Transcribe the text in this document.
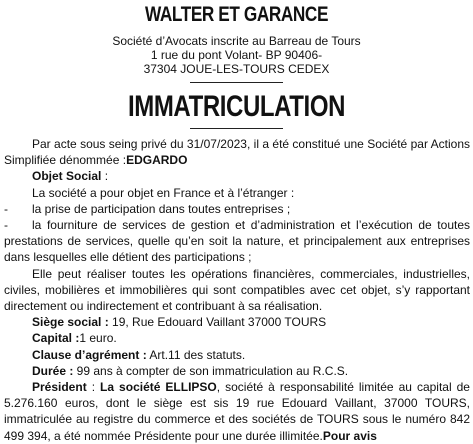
WALTER ET GARANCE
Société d’Avocats inscrite au Barreau de Tours
1 rue du pont Volant- BP 90406-
37304 JOUE-LES-TOURS CEDEX
IMMATRICULATION

Par acte sous seing privé du 31/07/2023, il a été constitué une Société par Actions Simplifiée dénommée :EDGARDO

Objet Social :

La société a pour objet en France et à l’étranger :

- la prise de participation dans toutes entreprises ;

- la fourniture de services de gestion et d’administration et l’exécution de toutes prestations de services, quelle qu’en soit la nature, et principalement aux entreprises dans lesquelles elle détient des participations ;

Elle peut réaliser toutes les opérations financières, commerciales, industrielles, civiles, mobilières et immobilières qui sont compatibles avec cet objet, s’y rapportant directement ou indirectement et contribuant à sa réalisation.

Siège social : 19, Rue Edouard Vaillant 37000 TOURS

Capital :1 euro.

Clause d’agrément : Art.11 des statuts.

Durée : 99 ans à compter de son immatriculation au R.C.S.

Président : La société ELLIPSO, société à responsabilité limitée au capital de 5.276.160 euros, dont le siège est sis 19 rue Edouard Vaillant, 37000 TOURS, immatriculée au registre du commerce et des sociétés de TOURS sous le numéro 842 499 394, a été nommée Présidente pour une durée illimitée.Pour avis
